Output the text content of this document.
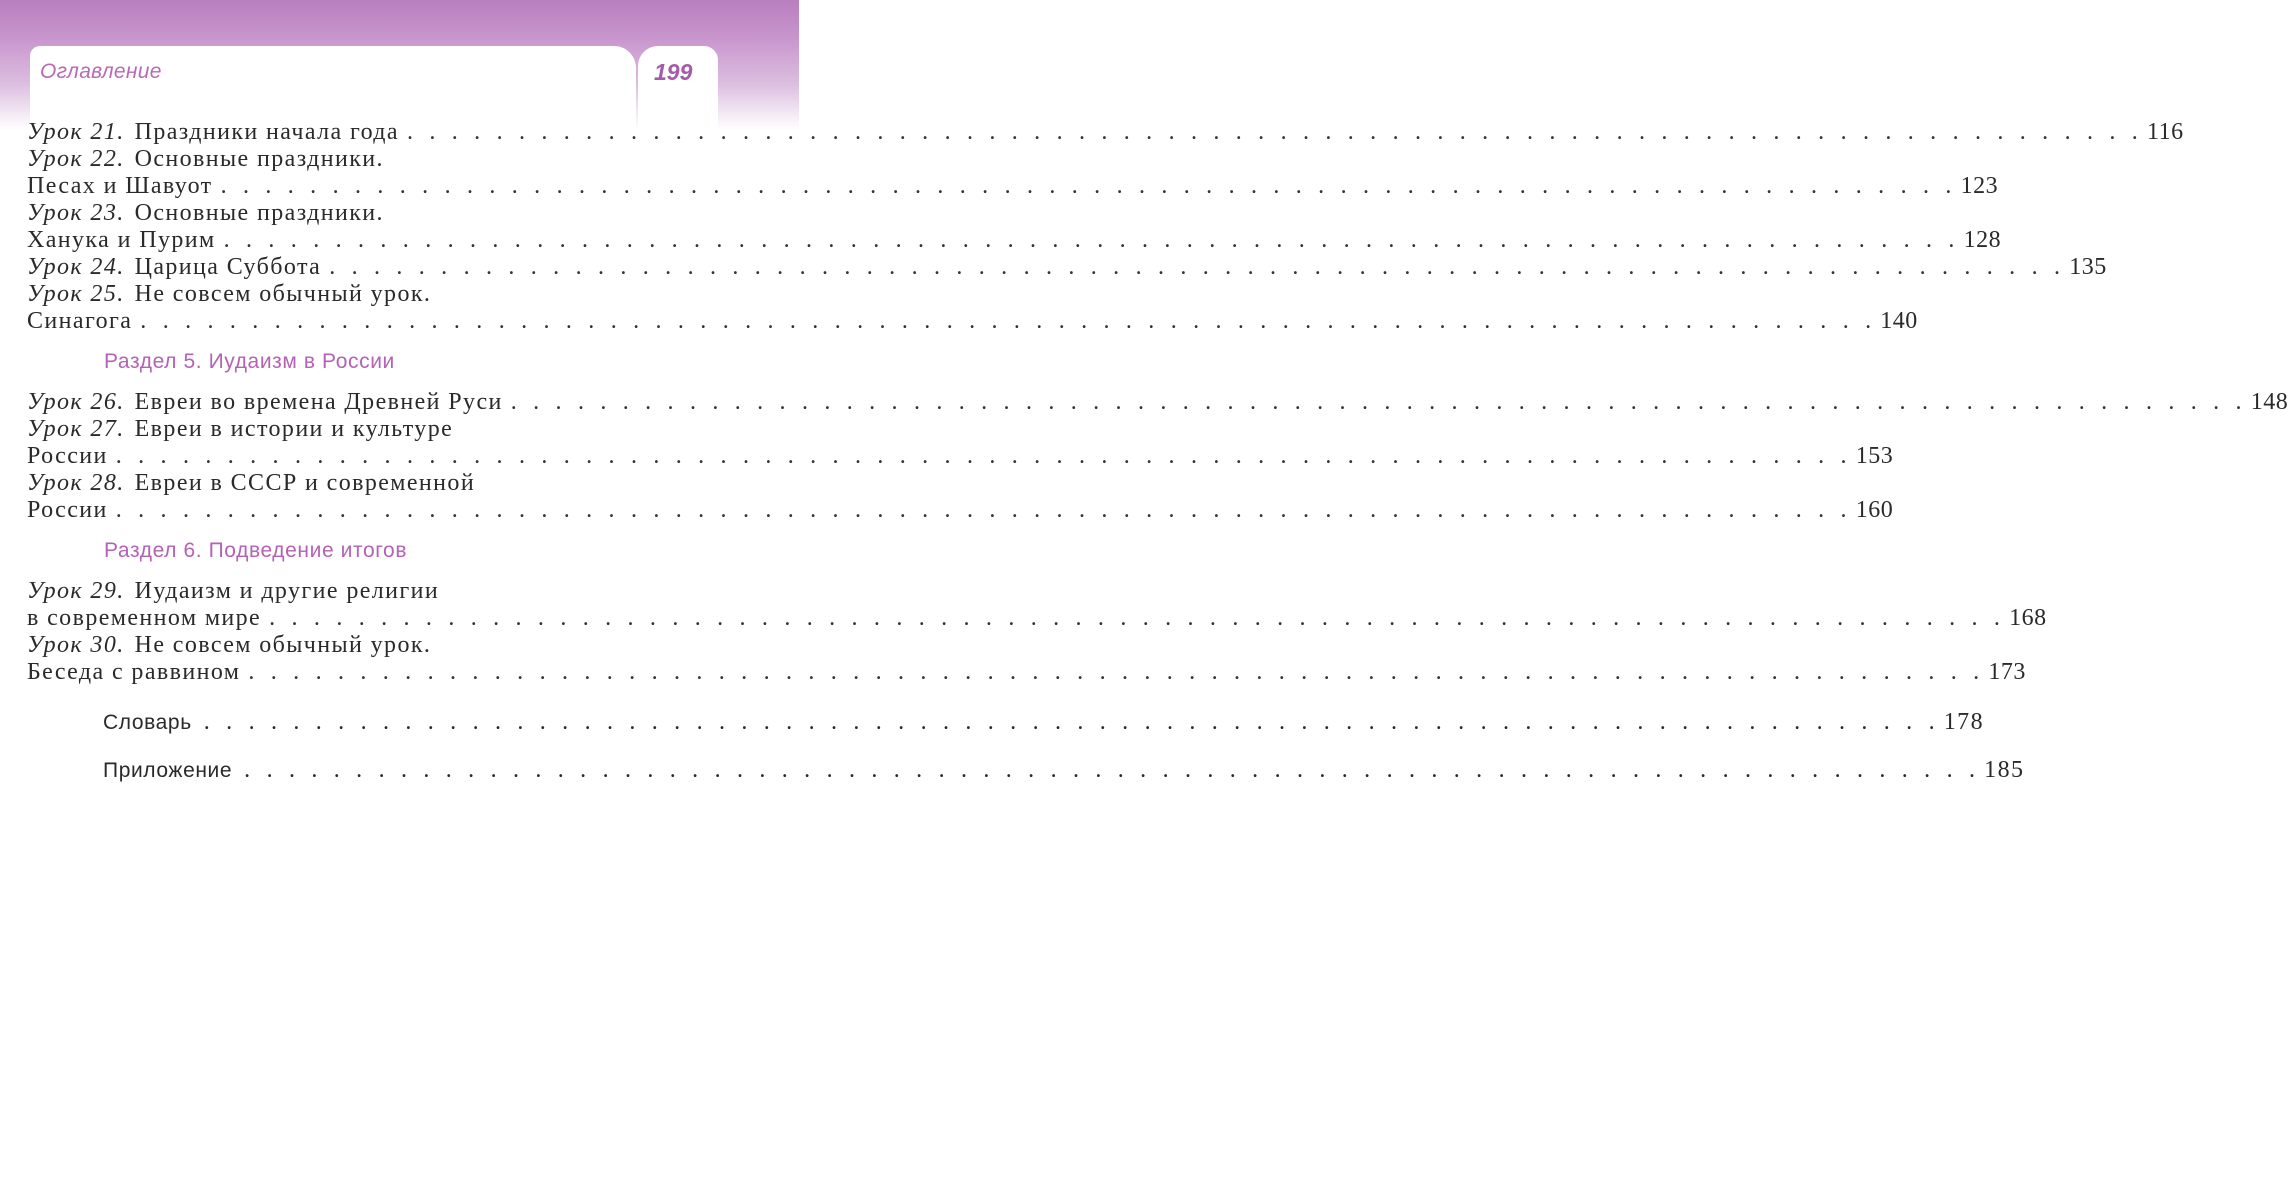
Оглавление	199
Урок 21. Праздники начала года . . . . . . . . . . . . . . . . . . . . . . . . . . . . . . . . . . . . . . . . . . . . . . . . . . . . . . . . . . . . . . . . . . . . . . . . . . . . . . 116
Урок 22. Основные праздники.
Песах и Шавуот . . . . . . . . . . . . . . . . . . . . . . . . . . . . . . . . . . . . . . . . . . . . . . . . . . . . . . . . . . . . . . . . . . . . . . . . . . . . . . 123
Урок 23. Основные праздники.
Ханука и Пурим . . . . . . . . . . . . . . . . . . . . . . . . . . . . . . . . . . . . . . . . . . . . . . . . . . . . . . . . . . . . . . . . . . . . . . . . . . . . . . 128
Урок 24. Царица Суббота . . . . . . . . . . . . . . . . . . . . . . . . . . . . . . . . . . . . . . . . . . . . . . . . . . . . . . . . . . . . . . . . . . . . . . . . . . . . . . 135
Урок 25. Не совсем обычный урок.
Синагога . . . . . . . . . . . . . . . . . . . . . . . . . . . . . . . . . . . . . . . . . . . . . . . . . . . . . . . . . . . . . . . . . . . . . . . . . . . . . . 140
Раздел 5. Иудаизм в России
Урок 26. Евреи во времена Древней Руси . . . . . . . . . . . . . . . . . . . . . . . . . . . . . . . . . . . . . . . . . . . . . . . . . . . . . . . . . . . . . . . . . . . . . . . . . . . . . . 148
Урок 27. Евреи в истории и культуре
России . . . . . . . . . . . . . . . . . . . . . . . . . . . . . . . . . . . . . . . . . . . . . . . . . . . . . . . . . . . . . . . . . . . . . . . . . . . . . . 153
Урок 28. Евреи в СССР и современной
России . . . . . . . . . . . . . . . . . . . . . . . . . . . . . . . . . . . . . . . . . . . . . . . . . . . . . . . . . . . . . . . . . . . . . . . . . . . . . . 160
Раздел 6. Подведение итогов
Урок 29. Иудаизм и другие религии
в современном мире . . . . . . . . . . . . . . . . . . . . . . . . . . . . . . . . . . . . . . . . . . . . . . . . . . . . . . . . . . . . . . . . . . . . . . . . . . . . . . 168
Урок 30. Не совсем обычный урок.
Беседа с раввином . . . . . . . . . . . . . . . . . . . . . . . . . . . . . . . . . . . . . . . . . . . . . . . . . . . . . . . . . . . . . . . . . . . . . . . . . . . . . . 173
Словарь . . . . . . . . . . . . . . . . . . . . . . . . . . . . . . . . . . . . . . . . . . . . . . . . . . . . . . . . . . . . . . . . . . . . . . . . . . . . . . 178
Приложение . . . . . . . . . . . . . . . . . . . . . . . . . . . . . . . . . . . . . . . . . . . . . . . . . . . . . . . . . . . . . . . . . . . . . . . . . . . . . . 185
